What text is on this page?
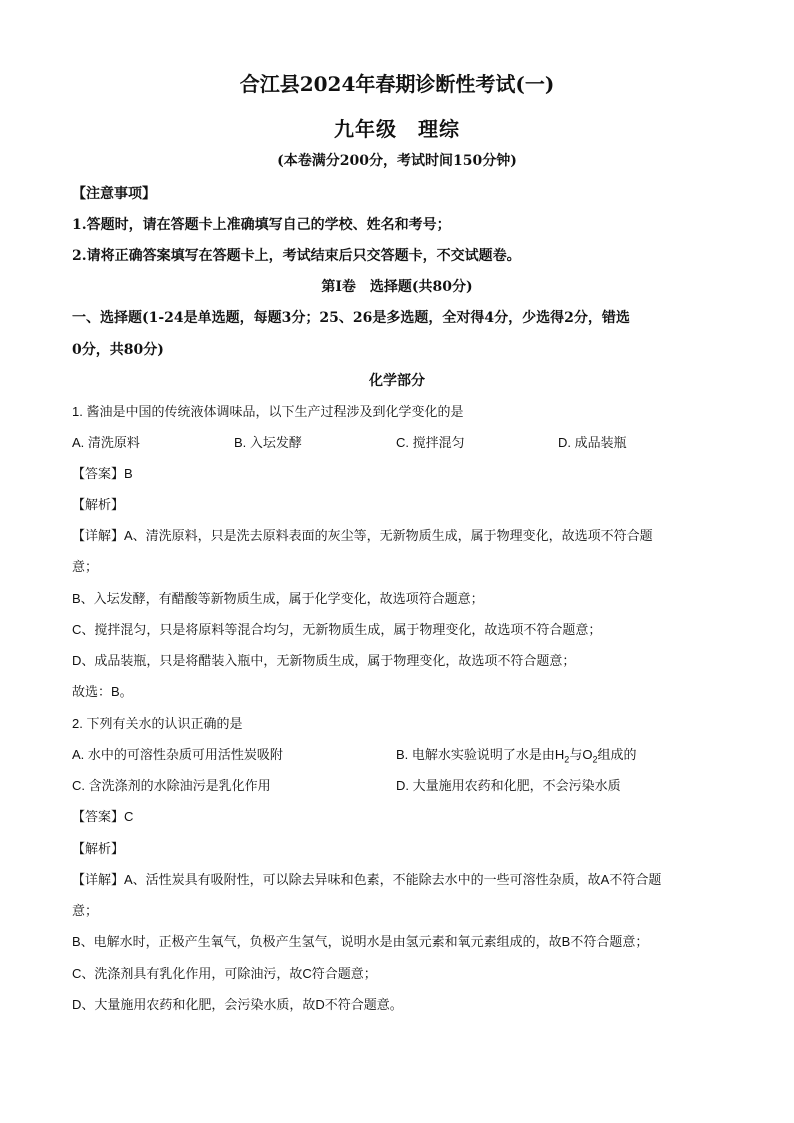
合江县2024年春期诊断性考试(一)
九年级　理综
(本卷满分200分，考试时间150分钟)
【注意事项】
1.答题时，请在答题卡上准确填写自己的学校、姓名和考号；
2.请将正确答案填写在答题卡上，考试结束后只交答题卡，不交试题卷。
第Ⅰ卷　选择题(共80分)
一、选择题(1-24是单选题，每题3分；25、26是多选题，全对得4分，少选得2分，错选
0分，共80分)
化学部分
1. 酱油是中国的传统液体调味品，以下生产过程涉及到化学变化的是
A. 清洗原料	B. 入坛发酵	C. 搅拌混匀	D. 成品装瓶
【答案】B
【解析】
【详解】A、清洗原料，只是洗去原料表面的灰尘等，无新物质生成，属于物理变化，故选项不符合题
意；
B、入坛发酵，有醋酸等新物质生成，属于化学变化，故选项符合题意；
C、搅拌混匀，只是将原料等混合均匀，无新物质生成，属于物理变化，故选项不符合题意；
D、成品装瓶，只是将醋装入瓶中，无新物质生成，属于物理变化，故选项不符合题意；
故选：B。
2. 下列有关水的认识正确的是
A. 水中的可溶性杂质可用活性炭吸附	B. 电解水实验说明了水是由$H_2$与$O_2$组成的
C. 含洗涤剂的水除油污是乳化作用	D. 大量施用农药和化肥，不会污染水质
【答案】C
【解析】
【详解】A、活性炭具有吸附性，可以除去异味和色素，不能除去水中的一些可溶性杂质，故A不符合题
意；
B、电解水时，正极产生氧气，负极产生氢气，说明水是由氢元素和氧元素组成的，故B不符合题意；
C、洗涤剂具有乳化作用，可除油污，故C符合题意；
D、大量施用农药和化肥，会污染水质，故D不符合题意。
